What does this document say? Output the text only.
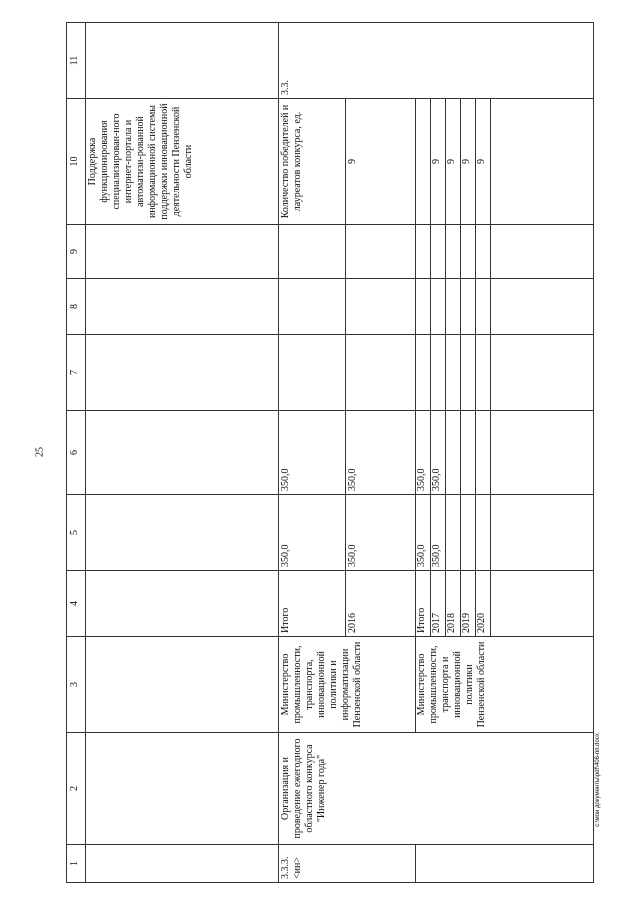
25
c:\мои документы\pdf\406-пп.docx
1	2	3	4	5	6	7	8	9	10	11
									Поддержка функционирования специализирован-ного интернет-портала и автоматизи-рованной информационной системы поддержки инновационной деятельности Пензенской области	
3.3.3. <ин>	Организация и проведение ежегодного областного конкурса "Инженер года"	Министерство промышленности, транспорта, инновационной политики и информатизации Пензенской области	Итого	350,0	350,0				Количество победителей и лауреатов конкурса, ед.	3.3.
			2016	350,0	350,0				9	
		Министерство промышленности, транспорта и инновационной политики Пензенской области	Итого	350,0	350,0					
			2017	350,0	350,0				9	
			2018						9	
			2019						9	
			2020						9	
